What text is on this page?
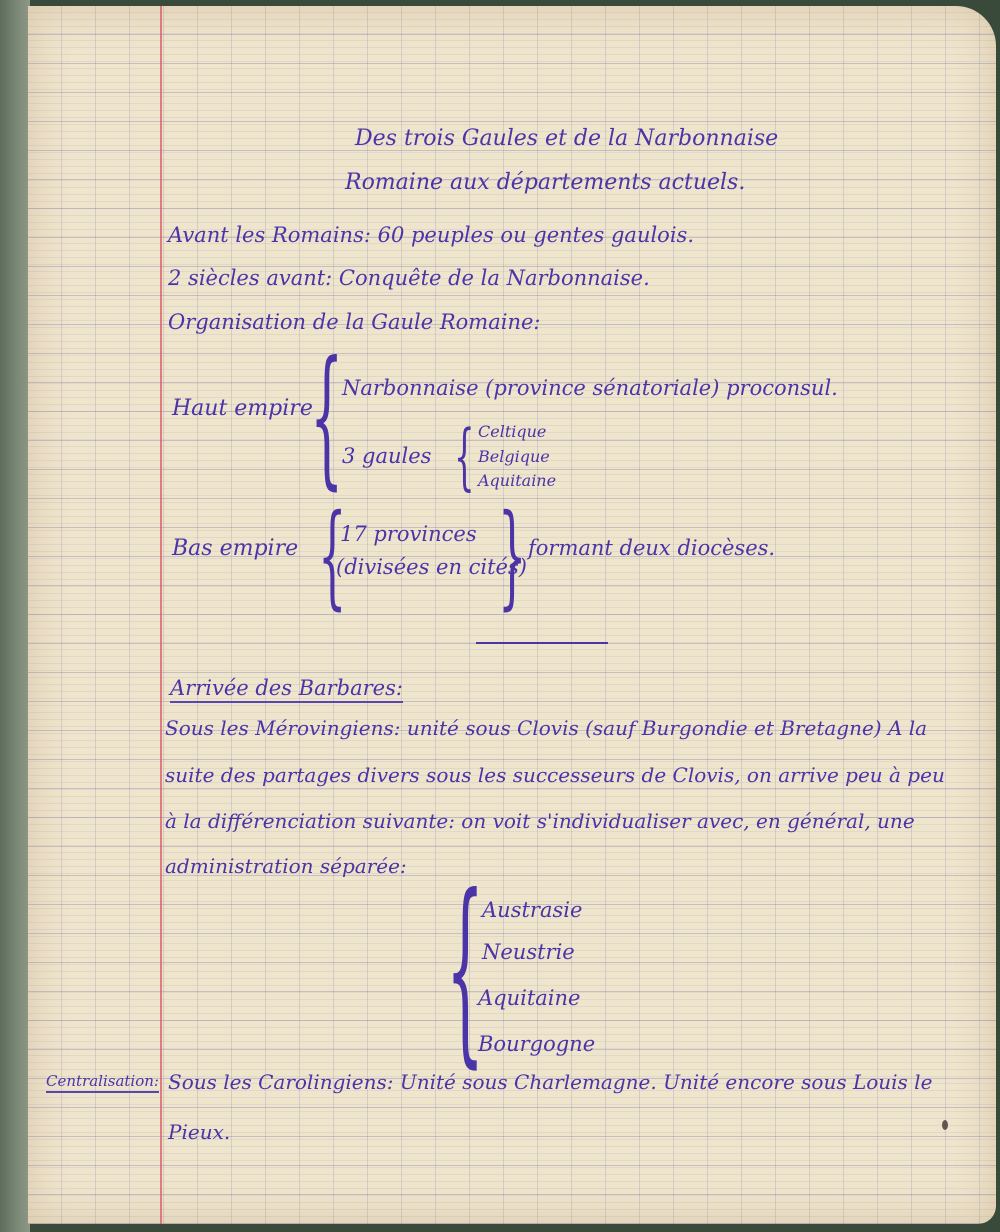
Des trois Gaules et de la Narbonnaise
Romaine aux départements actuels.
Avant les Romains: 60 peuples ou gentes gaulois.
2 siècles avant: Conquête de la Narbonnaise.
Organisation de la Gaule Romaine:
Haut empire
{
Narbonnaise (province sénatoriale) proconsul.
3 gaules { Celtique
Belgique
Aquitaine
Bas empire {
17 provinces
(divisées en cités)
} formant deux diocèses.
Arrivée des Barbares:
Sous les Mérovingiens: unité sous Clovis (sauf Burgondie et Bretagne) A la
suite des partages divers sous les successeurs de Clovis, on arrive peu à peu
à la différenciation suivante: on voit s'individualiser avec, en général, une
administration séparée: {
Austrasie
Neustrie
Aquitaine
Bourgogne
Centralisation: Sous les Carolingiens: Unité sous Charlemagne. Unité encore sous Louis le
Pieux.
